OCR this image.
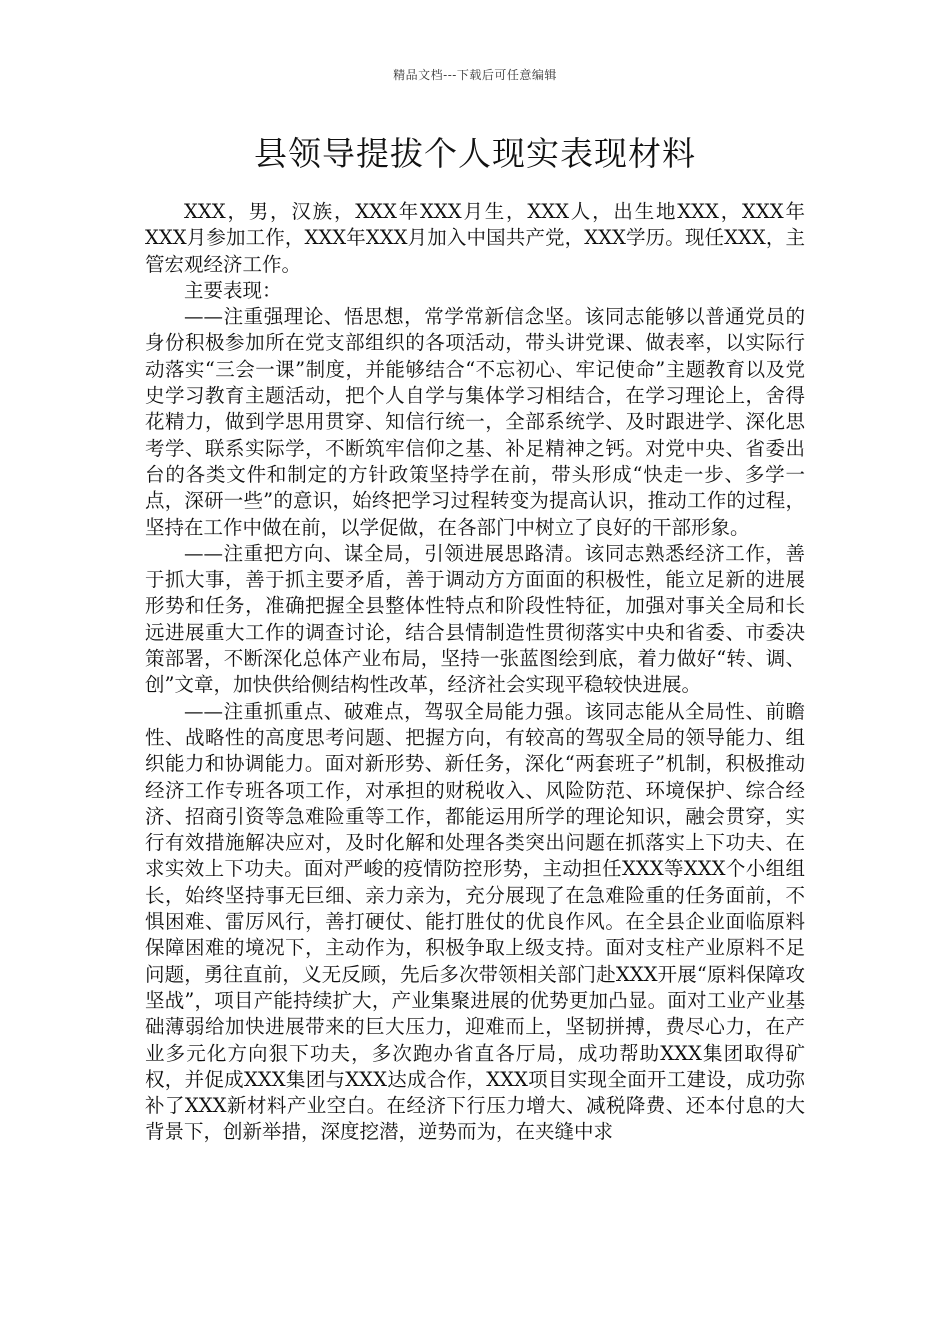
精品文档---下载后可任意编辑
县领导提拔个人现实表现材料

XXX，男，汉族，XXX年XXX月生，XXX人，出生地XXX，XXX年XXX月参加工作，XXX年XXX月加入中国共产党，XXX学历。现任XXX，主管宏观经济工作。

主要表现：

——注重强理论、悟思想，常学常新信念坚。该同志能够以普通党员的身份积极参加所在党支部组织的各项活动，带头讲党课、做表率，以实际行动落实“三会一课”制度，并能够结合“不忘初心、牢记使命”主题教育以及党史学习教育主题活动，把个人自学与集体学习相结合，在学习理论上，舍得花精力，做到学思用贯穿、知信行统一，全部系统学、及时跟进学、深化思考学、联系实际学，不断筑牢信仰之基、补足精神之钙。对党中央、省委出台的各类文件和制定的方针政策坚持学在前，带头形成“快走一步、多学一点，深研一些”的意识，始终把学习过程转变为提高认识，推动工作的过程，坚持在工作中做在前，以学促做，在各部门中树立了良好的干部形象。

——注重把方向、谋全局，引领进展思路清。该同志熟悉经济工作，善于抓大事，善于抓主要矛盾，善于调动方方面面的积极性，能立足新的进展形势和任务，准确把握全县整体性特点和阶段性特征，加强对事关全局和长远进展重大工作的调查讨论，结合县情制造性贯彻落实中央和省委、市委决策部署，不断深化总体产业布局，坚持一张蓝图绘到底，着力做好“转、调、创”文章，加快供给侧结构性改革，经济社会实现平稳较快进展。

——注重抓重点、破难点，驾驭全局能力强。该同志能从全局性、前瞻性、战略性的高度思考问题、把握方向，有较高的驾驭全局的领导能力、组织能力和协调能力。面对新形势、新任务，深化“两套班子”机制，积极推动经济工作专班各项工作，对承担的财税收入、风险防范、环境保护、综合经济、招商引资等急难险重等工作，都能运用所学的理论知识，融会贯穿，实行有效措施解决应对，及时化解和处理各类突出问题在抓落实上下功夫、在求实效上下功夫。面对严峻的疫情防控形势，主动担任XXX等XXX个小组组长，始终坚持事无巨细、亲力亲为，充分展现了在急难险重的任务面前，不惧困难、雷厉风行，善打硬仗、能打胜仗的优良作风。在全县企业面临原料保障困难的境况下，主动作为，积极争取上级支持。面对支柱产业原料不足问题，勇往直前，义无反顾，先后多次带领相关部门赴XXX开展“原料保障攻坚战”，项目产能持续扩大，产业集聚进展的优势更加凸显。面对工业产业基础薄弱给加快进展带来的巨大压力，迎难而上，坚韧拼搏，费尽心力，在产业多元化方向狠下功夫，多次跑办省直各厅局，成功帮助XXX集团取得矿权，并促成XXX集团与XXX达成合作，XXX项目实现全面开工建设，成功弥补了XXX新材料产业空白。在经济下行压力增大、减税降费、还本付息的大背景下，创新举措，深度挖潜，逆势而为，在夹缝中求
